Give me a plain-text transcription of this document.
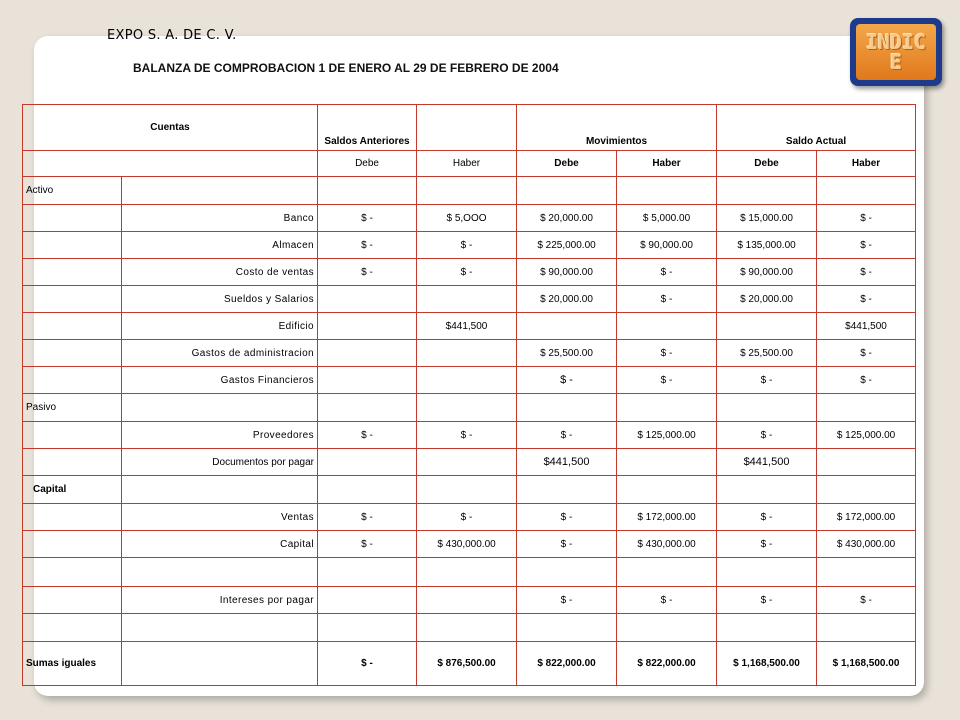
EXPO S. A. DE C. V.
BALANZA DE COMPROBACION 1 DE ENERO AL 29 DE FEBRERO DE 2004
INDICE
Cuentas		Saldos Anteriores		Movimientos		Saldo Actual	
		Debe	Haber	Debe	Haber	Debe	Haber
Activo							
	Banco	$ -	$ 5,OOO	$ 20,000.00	$ 5,000.00	$ 15,000.00	$ -
	Almacen	$ -	$ -	$ 225,000.00	$ 90,000.00	$ 135,000.00	$ -
	Costo de ventas	$ -	$ -	$ 90,000.00	$ -	$ 90,000.00	$ -
	Sueldos y Salarios			$ 20,000.00	$ -	$ 20,000.00	$ -
	Edificio		$441,500				$441,500
	Gastos de administracion			$ 25,500.00	$ -	$ 25,500.00	$ -
	Gastos Financieros			$ -	$ -	$ -	$ -
Pasivo							
	Proveedores	$ -	$ -	$ -	$ 125,000.00	$ -	$ 125,000.00
	Documentos por pagar			$441,500		$441,500	
Capital							
	Ventas	$ -	$ -	$ -	$ 172,000.00	$ -	$ 172,000.00
	Capital	$ -	$ 430,000.00	$ -	$ 430,000.00	$ -	$ 430,000.00

	Intereses por pagar			$ -	$ -	$ -	$ -

Sumas iguales		$ -	$ 876,500.00	$ 822,000.00	$ 822,000.00	$ 1,168,500.00	$ 1,168,500.00
